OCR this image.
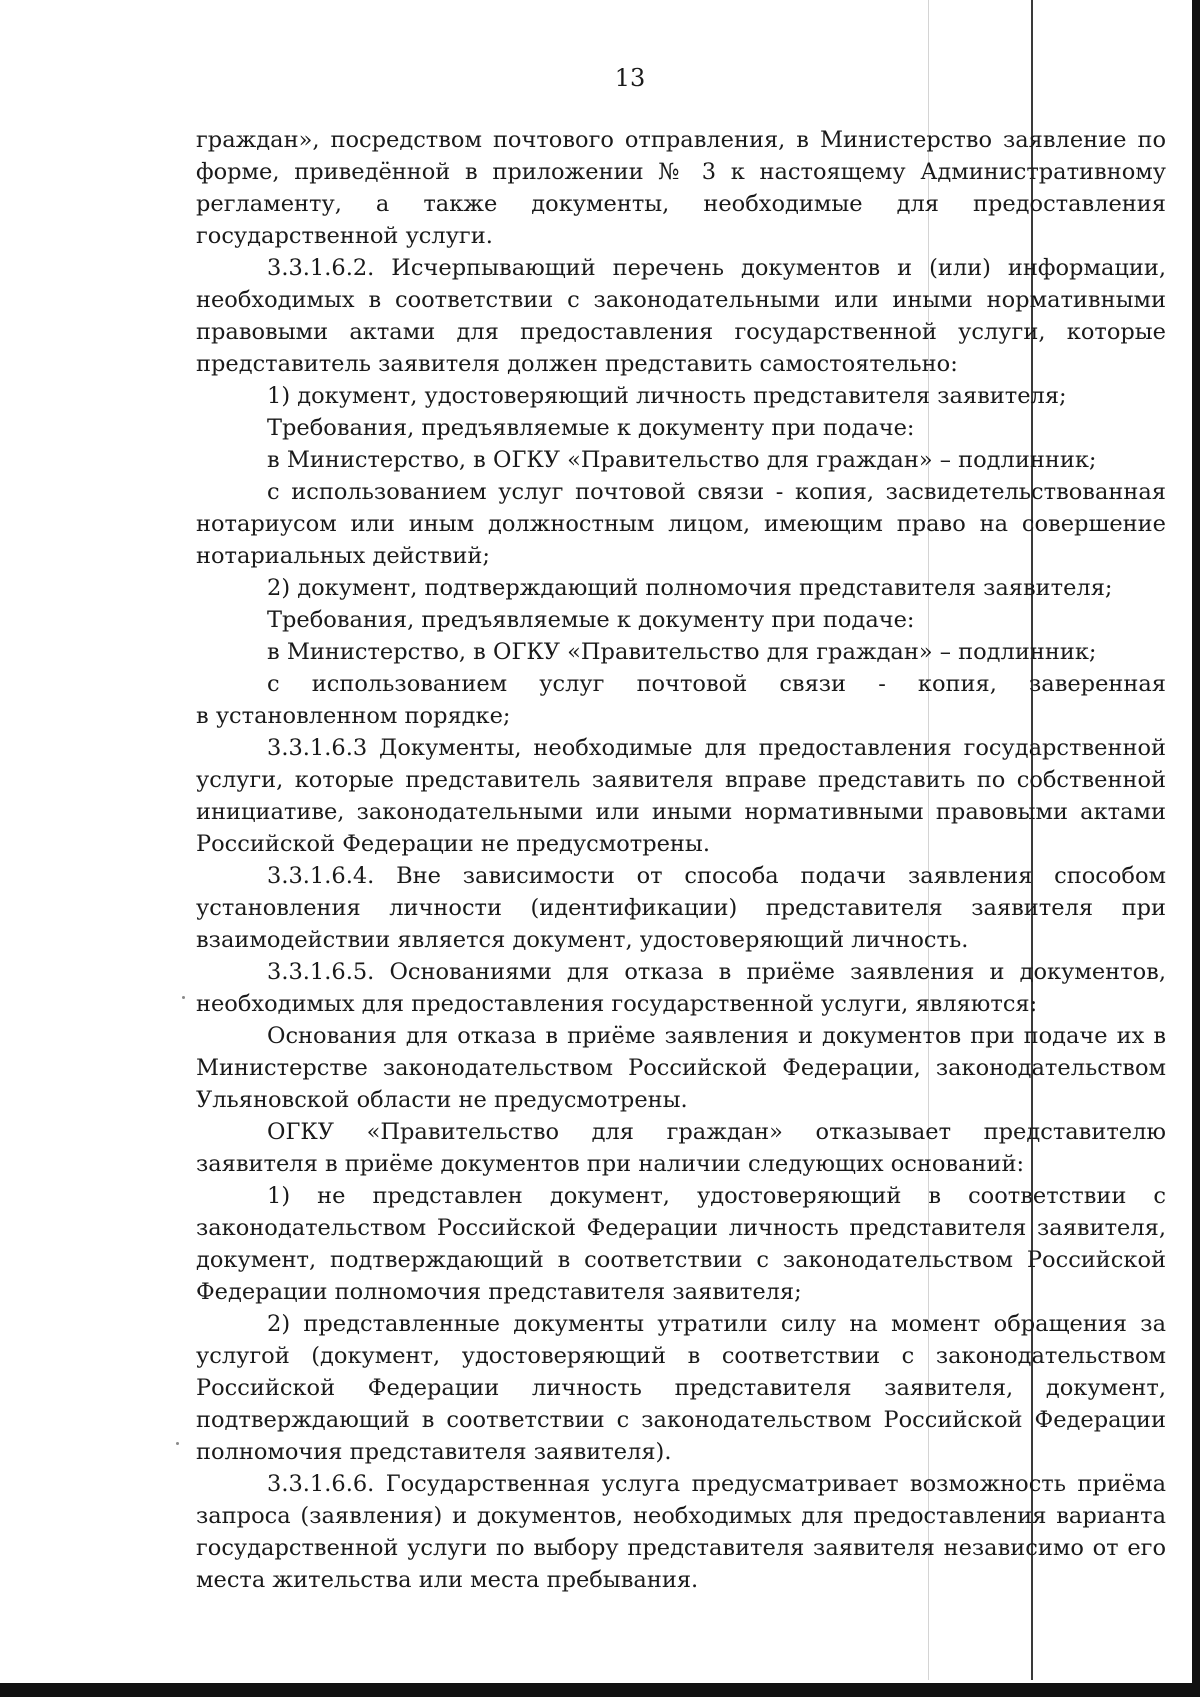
13

граждан», посредством почтового отправления, в Министерство заявление по форме, приведённой в приложении № 3 к настоящему Административному регламенту, а также документы, необходимые для предоставления государственной услуги.

3.3.1.6.2. Исчерпывающий перечень документов и (или) информации, необходимых в соответствии с законодательными или иными нормативными правовыми актами для предоставления государственной услуги, которые представитель заявителя должен представить самостоятельно:

1) документ, удостоверяющий личность представителя заявителя;

Требования, предъявляемые к документу при подаче:

в Министерство, в ОГКУ «Правительство для граждан» – подлинник;

с использованием услуг почтовой связи - копия, засвидетельствованная нотариусом или иным должностным лицом, имеющим право на совершение нотариальных действий;

2) документ, подтверждающий полномочия представителя заявителя;

Требования, предъявляемые к документу при подаче:

в Министерство, в ОГКУ «Правительство для граждан» – подлинник;

с использованием услуг почтовой связи - копия, заверенная

в установленном порядке;

3.3.1.6.3 Документы, необходимые для предоставления государственной услуги, которые представитель заявителя вправе представить по собственной инициативе, законодательными или иными нормативными правовыми актами Российской Федерации не предусмотрены.

3.3.1.6.4. Вне зависимости от способа подачи заявления способом установления личности (идентификации) представителя заявителя при взаимодействии является документ, удостоверяющий личность.

3.3.1.6.5. Основаниями для отказа в приёме заявления и документов, необходимых для предоставления государственной услуги, являются:

Основания для отказа в приёме заявления и документов при подаче их в Министерстве законодательством Российской Федерации, законодательством Ульяновской области не предусмотрены.

ОГКУ «Правительство для граждан» отказывает представителю заявителя в приёме документов при наличии следующих оснований:

1) не представлен документ, удостоверяющий в соответствии с законодательством Российской Федерации личность представителя заявителя, документ, подтверждающий в соответствии с законодательством Российской Федерации полномочия представителя заявителя;

2) представленные документы утратили силу на момент обращения за услугой (документ, удостоверяющий в соответствии с законодательством Российской Федерации личность представителя заявителя, документ, подтверждающий в соответствии с законодательством Российской Федерации полномочия представителя заявителя).

3.3.1.6.6. Государственная услуга предусматривает возможность приёма запроса (заявления) и документов, необходимых для предоставления варианта государственной услуги по выбору представителя заявителя независимо от его места жительства или места пребывания.
